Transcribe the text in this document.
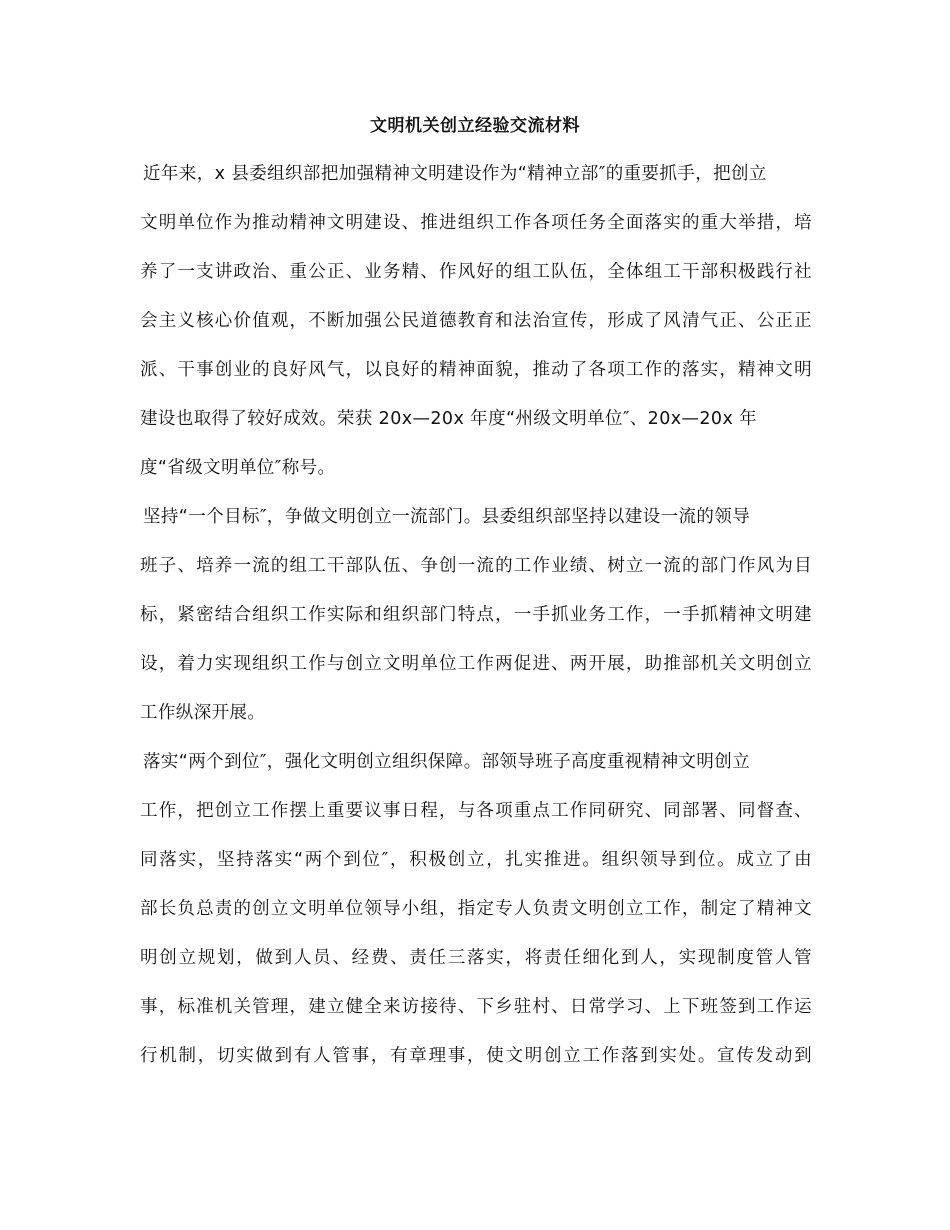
文明机关创立经验交流材料
近年来，x 县委组织部把加强精神文明建设作为“精神立部″的重要抓手，把创立
文明单位作为推动精神文明建设、推进组织工作各项任务全面落实的重大举措，培
养了一支讲政治、重公正、业务精、作风好的组工队伍，全体组工干部积极践行社
会主义核心价值观，不断加强公民道德教育和法治宣传，形成了风清气正、公正正
派、干事创业的良好风气，以良好的精神面貌，推动了各项工作的落实，精神文明
建设也取得了较好成效。荣获 20x—20x 年度“州级文明单位″、20x—20x 年
度“省级文明单位″称号。
坚持“一个目标″，争做文明创立一流部门。县委组织部坚持以建设一流的领导
班子、培养一流的组工干部队伍、争创一流的工作业绩、树立一流的部门作风为目
标，紧密结合组织工作实际和组织部门特点，一手抓业务工作，一手抓精神文明建
设，着力实现组织工作与创立文明单位工作两促进、两开展，助推部机关文明创立
工作纵深开展。
落实“两个到位″，强化文明创立组织保障。部领导班子高度重视精神文明创立
工作，把创立工作摆上重要议事日程，与各项重点工作同研究、同部署、同督查、
同落实，坚持落实“两个到位″，积极创立，扎实推进。组织领导到位。成立了由
部长负总责的创立文明单位领导小组，指定专人负责文明创立工作，制定了精神文
明创立规划，做到人员、经费、责任三落实，将责任细化到人，实现制度管人管
事，标准机关管理，建立健全来访接待、下乡驻村、日常学习、上下班签到工作运
行机制，切实做到有人管事，有章理事，使文明创立工作落到实处。宣传发动到
